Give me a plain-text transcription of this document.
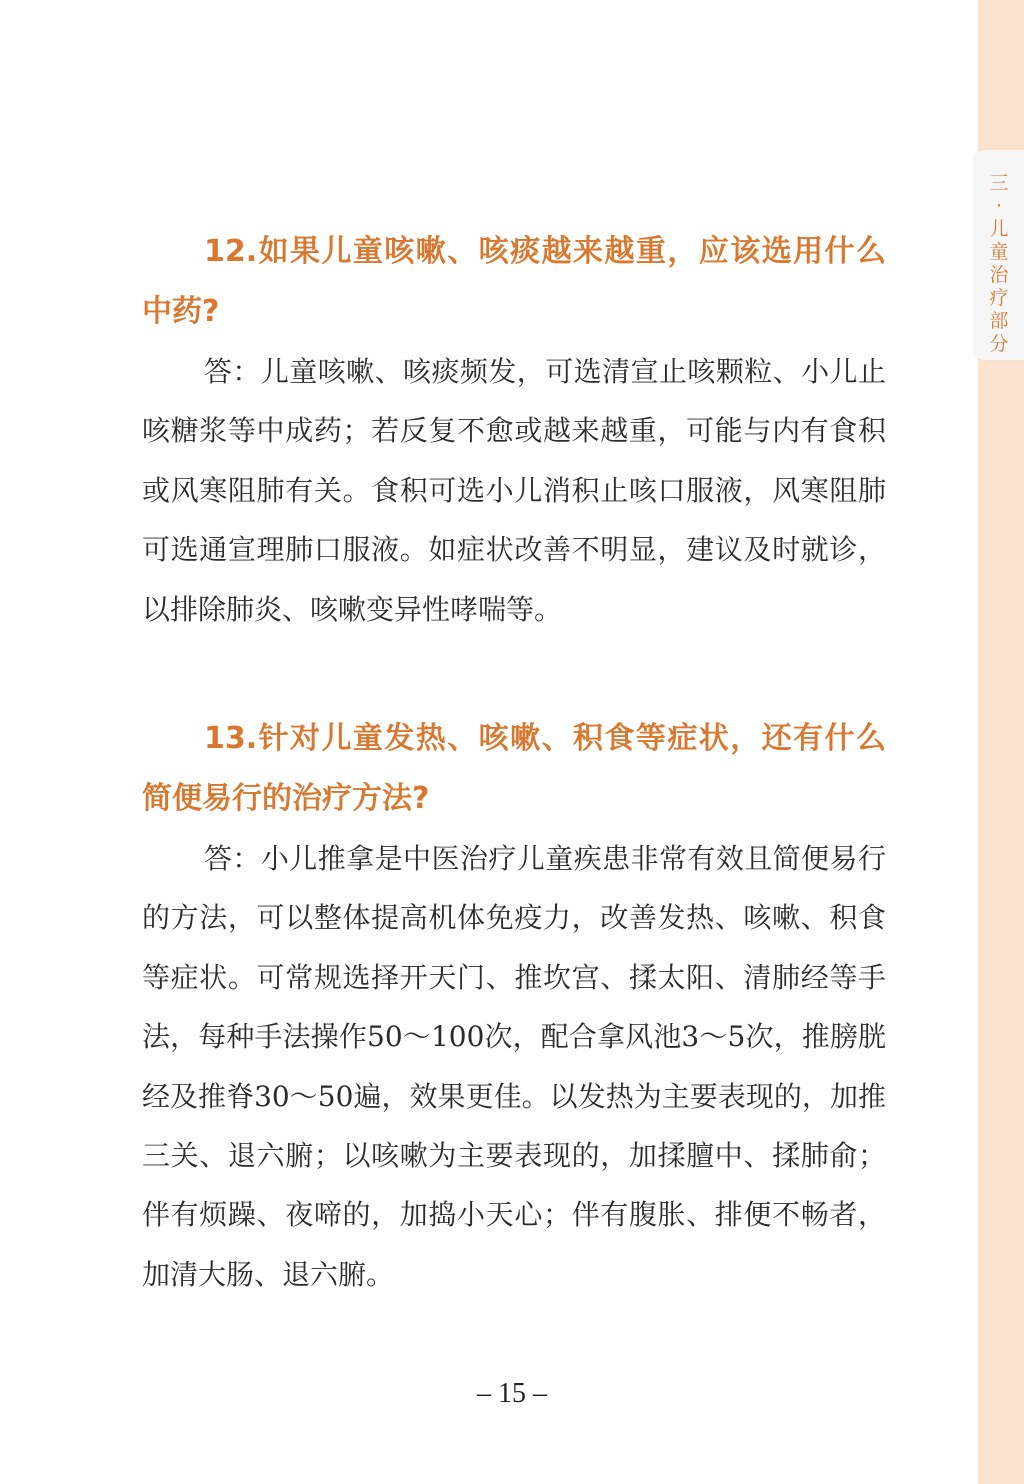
三·儿童治疗部分

12.如果儿童咳嗽、咳痰越来越重，应该选用什么中药?

答：儿童咳嗽、咳痰频发，可选清宣止咳颗粒、小儿止咳糖浆等中成药；若反复不愈或越来越重，可能与内有食积或风寒阻肺有关。食积可选小儿消积止咳口服液，风寒阻肺可选通宣理肺口服液。如症状改善不明显，建议及时就诊，以排除肺炎、咳嗽变异性哮喘等。

13.针对儿童发热、咳嗽、积食等症状，还有什么简便易行的治疗方法?

答：小儿推拿是中医治疗儿童疾患非常有效且简便易行的方法，可以整体提高机体免疫力，改善发热、咳嗽、积食等症状。可常规选择开天门、推坎宫、揉太阳、清肺经等手法，每种手法操作50～100次，配合拿风池3～5次，推膀胱经及推脊30～50遍，效果更佳。以发热为主要表现的，加推三关、退六腑；以咳嗽为主要表现的，加揉膻中、揉肺俞；伴有烦躁、夜啼的，加捣小天心；伴有腹胀、排便不畅者，加清大肠、退六腑。

– 15 –
